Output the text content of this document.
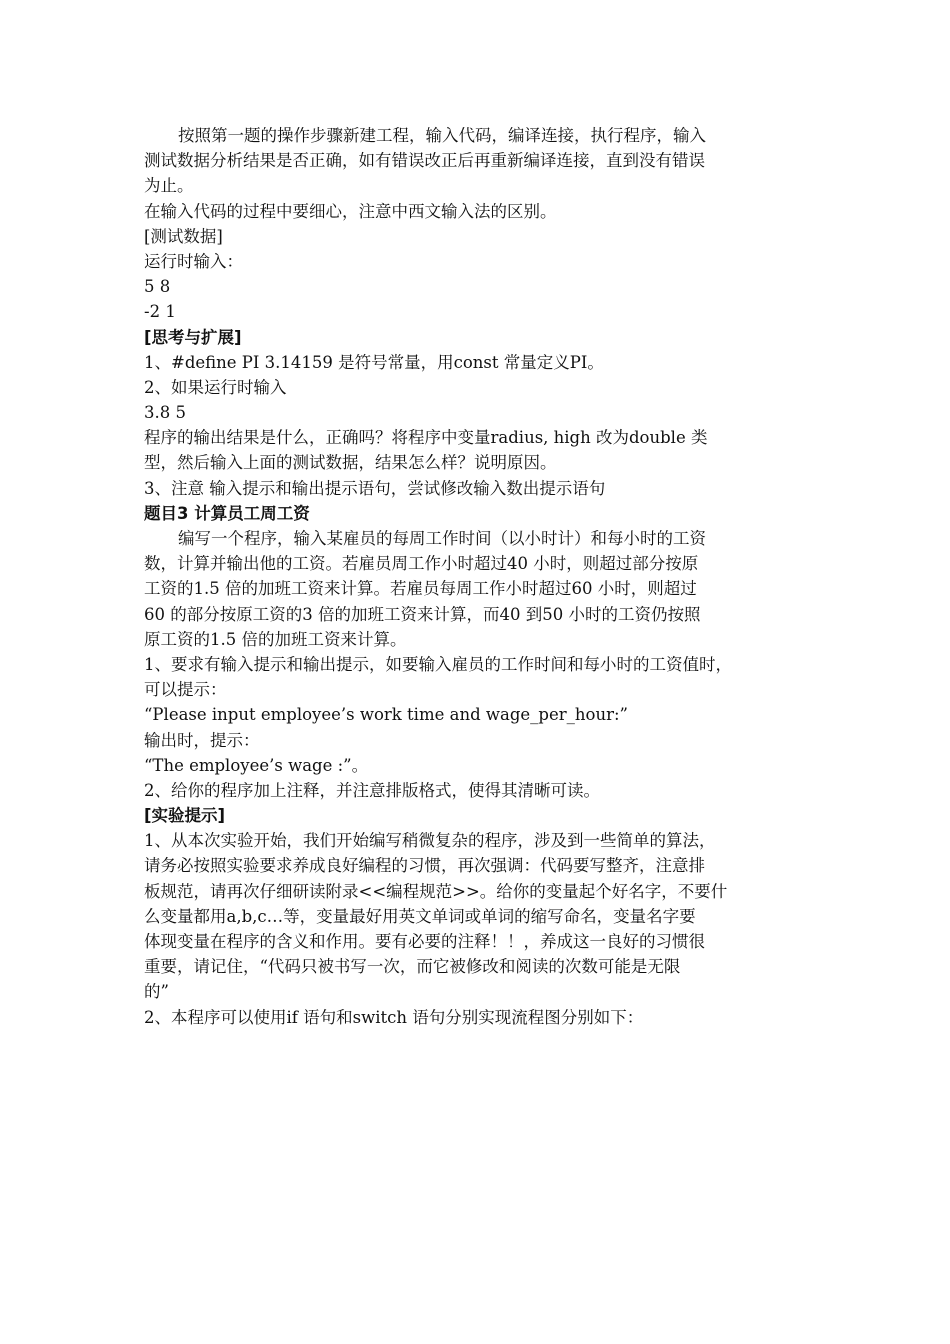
按照第一题的操作步骤新建工程，输入代码，编译连接，执行程序，输入
测试数据分析结果是否正确，如有错误改正后再重新编译连接，直到没有错误
为止。
在输入代码的过程中要细心，注意中西文输入法的区别。
[测试数据]
运行时输入：
5 8
-2 1
[思考与扩展]
1、#define PI 3.14159 是符号常量，用const 常量定义PI。
2、如果运行时输入
3.8 5
程序的输出结果是什么，正确吗？将程序中变量radius, high 改为double 类
型，然后输入上面的测试数据，结果怎么样？说明原因。
3、注意 输入提示和输出提示语句，尝试修改输入数出提示语句
题目3 计算员工周工资
编写一个程序，输入某雇员的每周工作时间（以小时计）和每小时的工资
数，计算并输出他的工资。若雇员周工作小时超过40 小时，则超过部分按原
工资的1.5 倍的加班工资来计算。若雇员每周工作小时超过60 小时，则超过
60 的部分按原工资的3 倍的加班工资来计算，而40 到50 小时的工资仍按照
原工资的1.5 倍的加班工资来计算。
1、要求有输入提示和输出提示，如要输入雇员的工作时间和每小时的工资值时，
可以提示：
“Please input employee’s work time and wage_per_hour:”
输出时，提示：
“The employee’s wage :”。
2、给你的程序加上注释，并注意排版格式，使得其清晰可读。
[实验提示]
1、从本次实验开始，我们开始编写稍微复杂的程序，涉及到一些简单的算法，
请务必按照实验要求养成良好编程的习惯，再次强调：代码要写整齐，注意排
板规范，请再次仔细研读附录<<编程规范>>。给你的变量起个好名字，不要什
么变量都用a,b,c…等，变量最好用英文单词或单词的缩写命名，变量名字要
体现变量在程序的含义和作用。要有必要的注释！！，养成这一良好的习惯很
重要，请记住，“代码只被书写一次，而它被修改和阅读的次数可能是无限
的”
2、本程序可以使用if 语句和switch 语句分别实现流程图分别如下：
